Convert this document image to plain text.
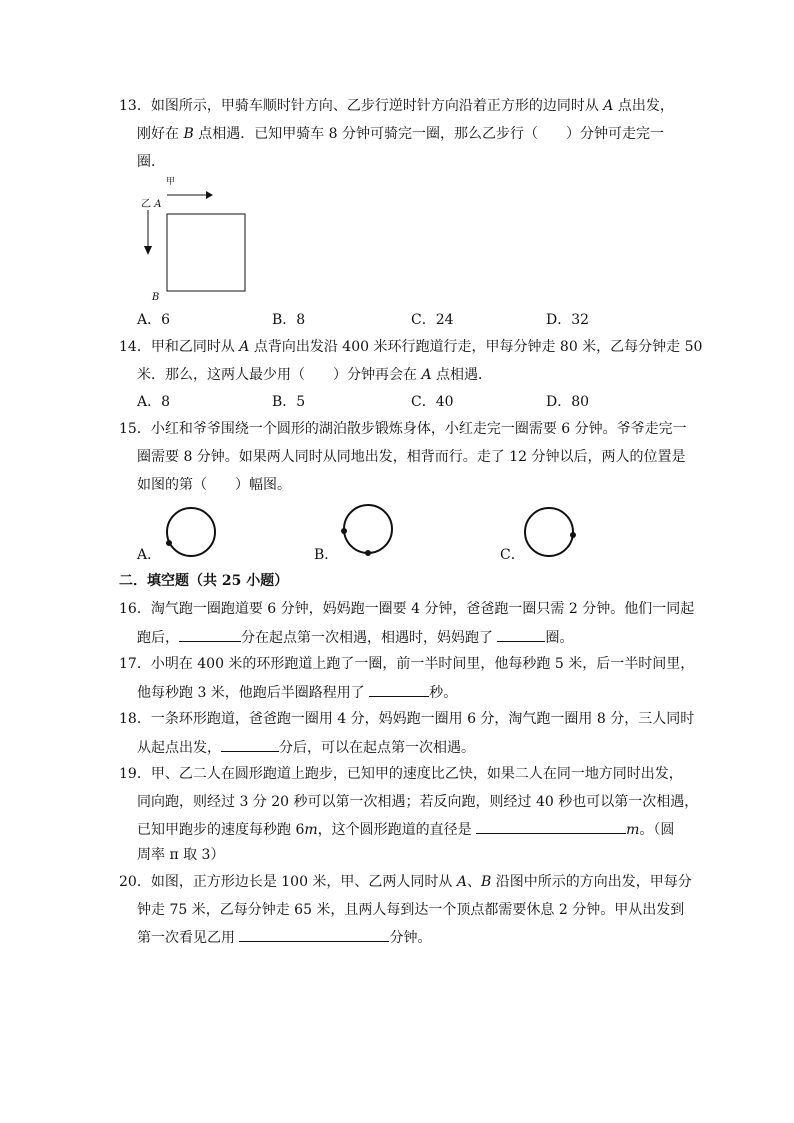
13．如图所示，甲骑车顺时针方向、乙步行逆时针方向沿着正方形的边同时从 A 点出发，
刚好在 B 点相遇．已知甲骑车 8 分钟可骑完一圈，那么乙步行（　　）分钟可走完一
圈．
甲
乙 A
B
A．6	B．8	C．24	D．32
14．甲和乙同时从 A 点背向出发沿 400 米环行跑道行走，甲每分钟走 80 米，乙每分钟走 50
米．那么，这两人最少用（　　）分钟再会在 A 点相遇．
A．8	B．5	C．40	D．80
15．小红和爷爷围绕一个圆形的湖泊散步锻炼身体，小红走完一圈需要 6 分钟。爷爷走完一
圈需要 8 分钟。如果两人同时从同地出发，相背而行。走了 12 分钟以后，两人的位置是
如图的第（　　）幅图。
A．	B．	C．
二．填空题（共 25 小题）
16．淘气跑一圈跑道要 6 分钟，妈妈跑一圈要 4 分钟，爸爸跑一圈只需 2 分钟。他们一同起
跑后，	分在起点第一次相遇，相遇时，妈妈跑了	圈。
17．小明在 400 米的环形跑道上跑了一圈，前一半时间里，他每秒跑 5 米，后一半时间里，
他每秒跑 3 米，他跑后半圈路程用了	秒。
18．一条环形跑道，爸爸跑一圈用 4 分，妈妈跑一圈用 6 分，淘气跑一圈用 8 分，三人同时
从起点出发，	分后，可以在起点第一次相遇。
19．甲、乙二人在圆形跑道上跑步，已知甲的速度比乙快，如果二人在同一地方同时出发，
同向跑，则经过 3 分 20 秒可以第一次相遇；若反向跑，则经过 40 秒也可以第一次相遇，
已知甲跑步的速度每秒跑 6m，这个圆形跑道的直径是	m。（圆
周率 π 取 3）
20．如图，正方形边长是 100 米，甲、乙两人同时从 A、B 沿图中所示的方向出发，甲每分
钟走 75 米，乙每分钟走 65 米，且两人每到达一个顶点都需要休息 2 分钟。甲从出发到
第一次看见乙用	分钟。
